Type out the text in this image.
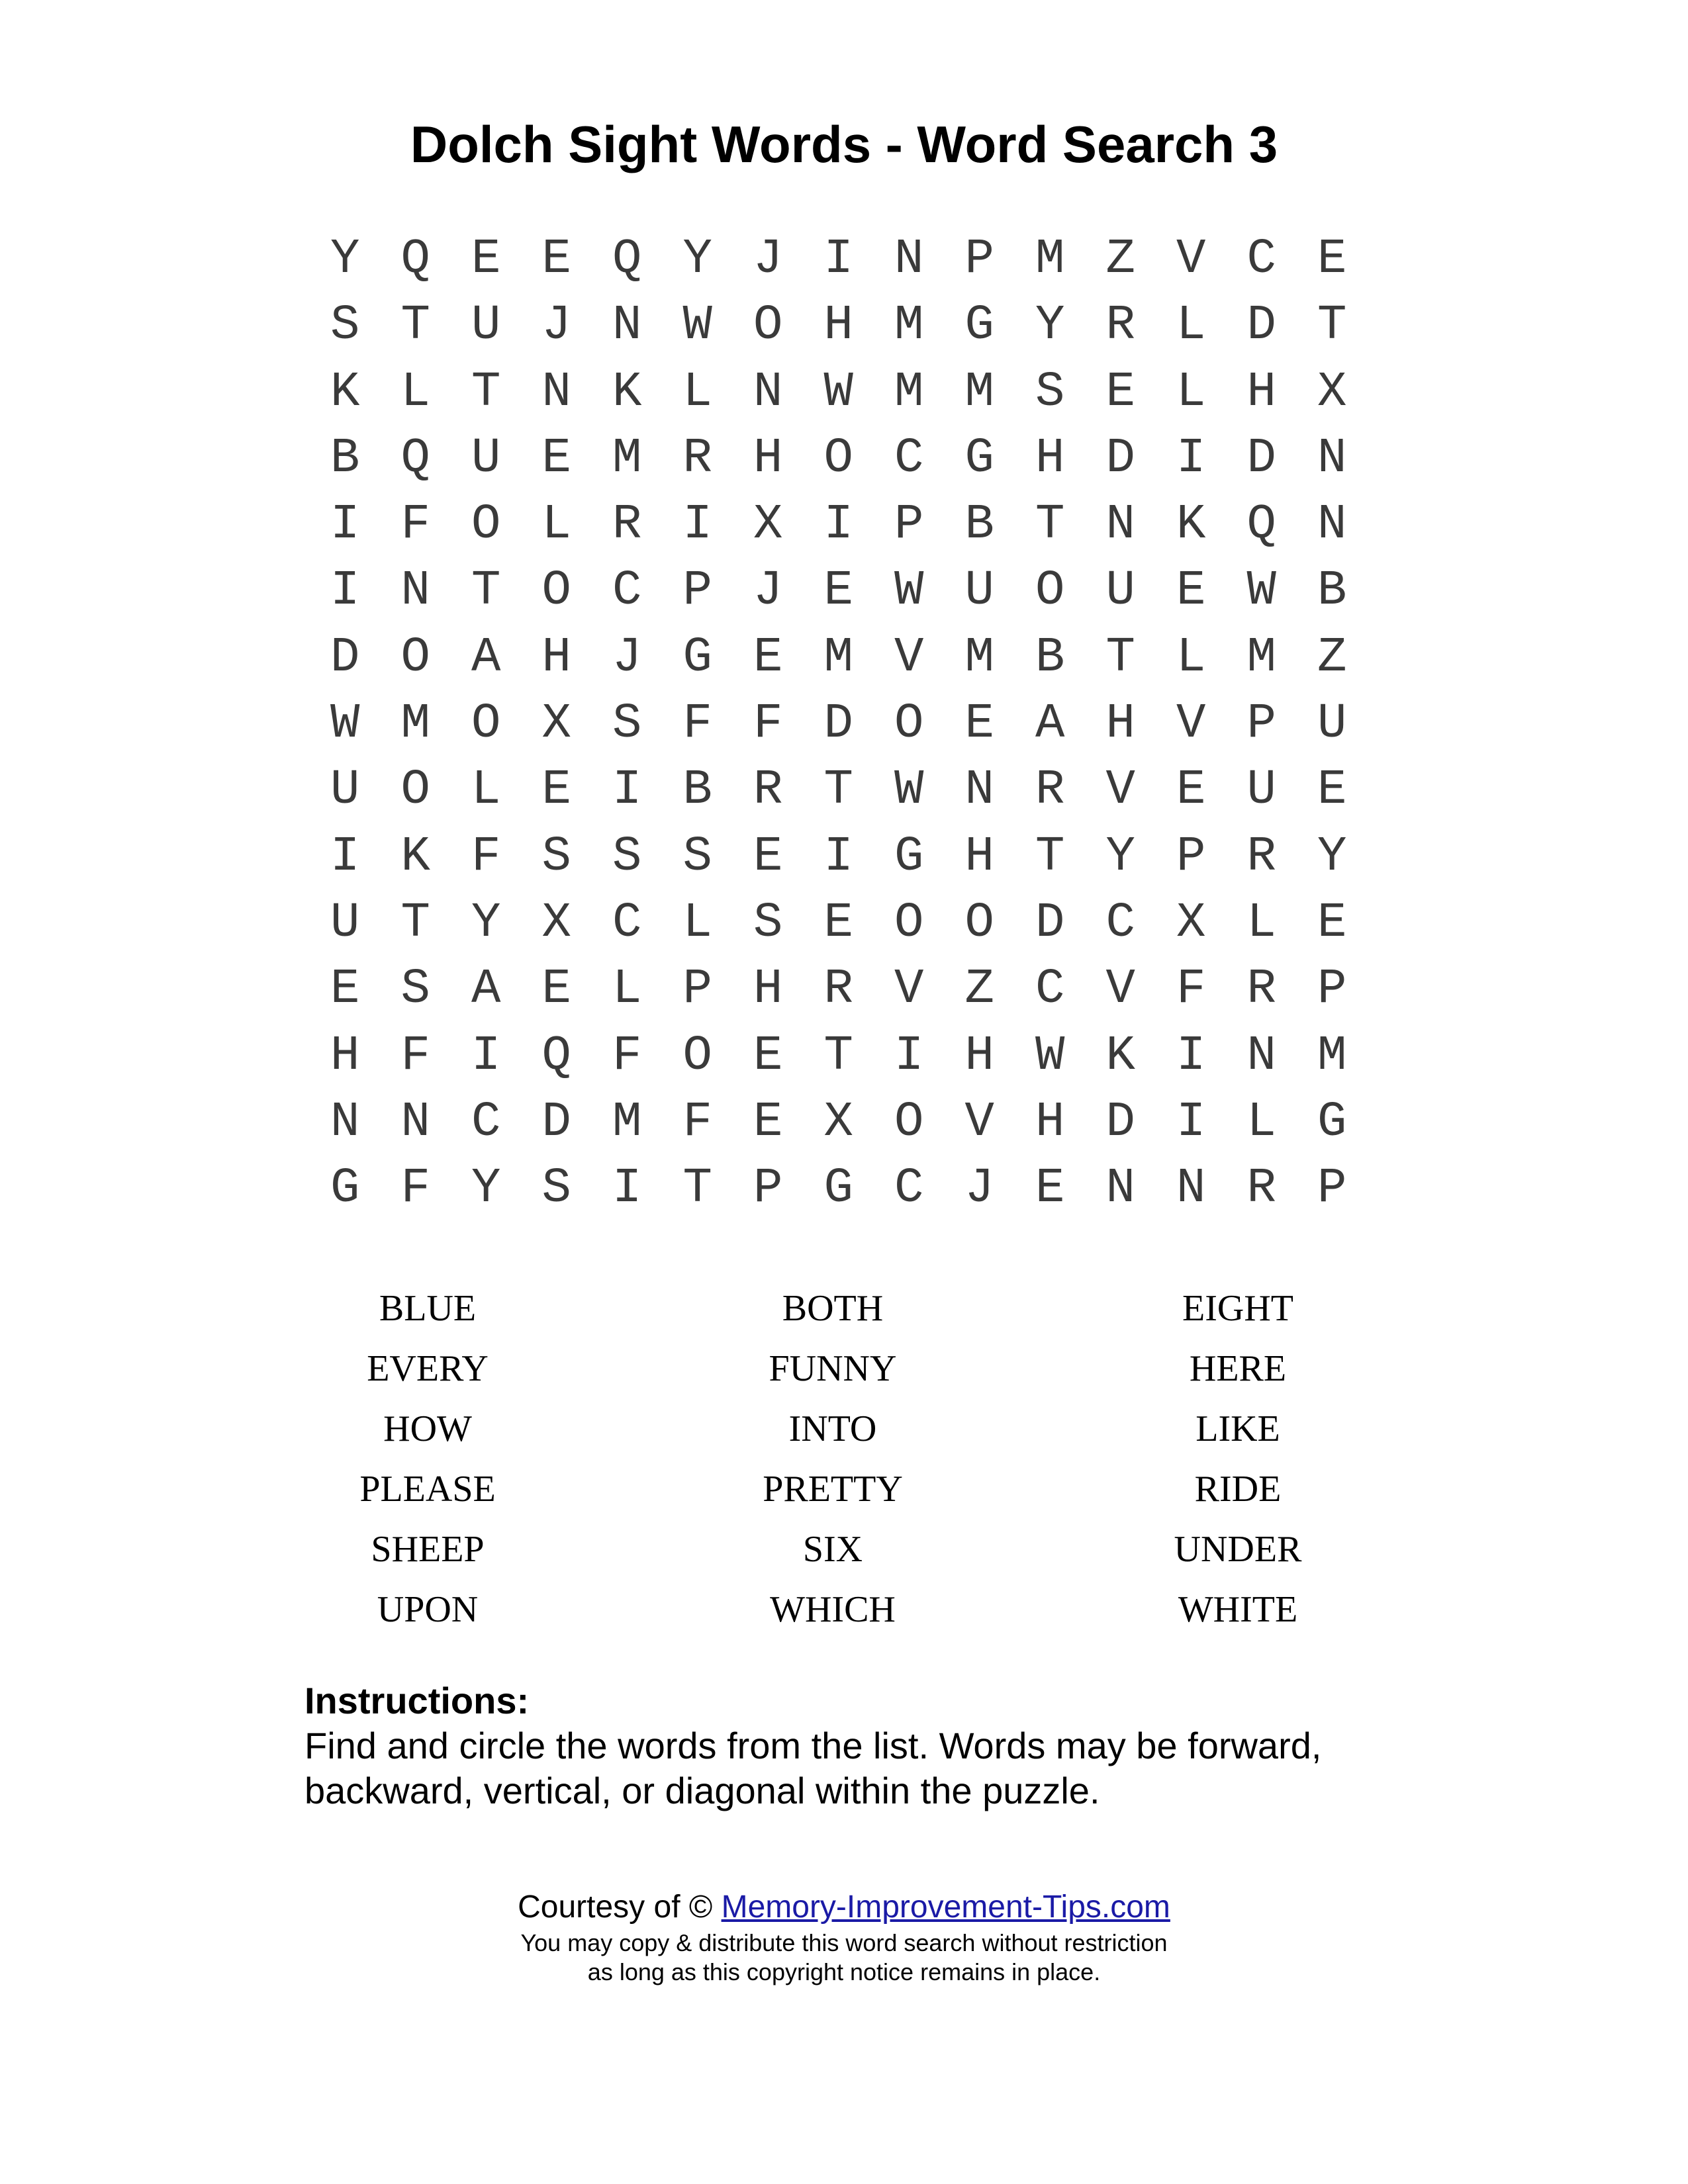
Dolch Sight Words - Word Search 3
Y Q E E Q Y J I N P M Z V C E
S T U J N W O H M G Y R L D T
K L T N K L N W M M S E L H X
B Q U E M R H O C G H D I D N
I F O L R I X I P B T N K Q N
I N T O C P J E W U O U E W B
D O A H J G E M V M B T L M Z
W M O X S F F D O E A H V P U
U O L E I B R T W N R V E U E
I K F S S S E I G H T Y P R Y
U T Y X C L S E O O D C X L E
E S A E L P H R V Z C V F R P
H F I Q F O E T I H W K I N M
N N C D M F E X O V H D I L G
G F Y S I T P G C J E N N R P
BLUE	BOTH	EIGHT
EVERY	FUNNY	HERE
HOW	INTO	LIKE
PLEASE	PRETTY	RIDE
SHEEP	SIX	UNDER
UPON	WHICH	WHITE
Instructions:
Find and circle the words from the list. Words may be forward, backward, vertical, or diagonal within the puzzle.
Courtesy of © Memory-Improvement-Tips.com
You may copy & distribute this word search without restriction
as long as this copyright notice remains in place.
